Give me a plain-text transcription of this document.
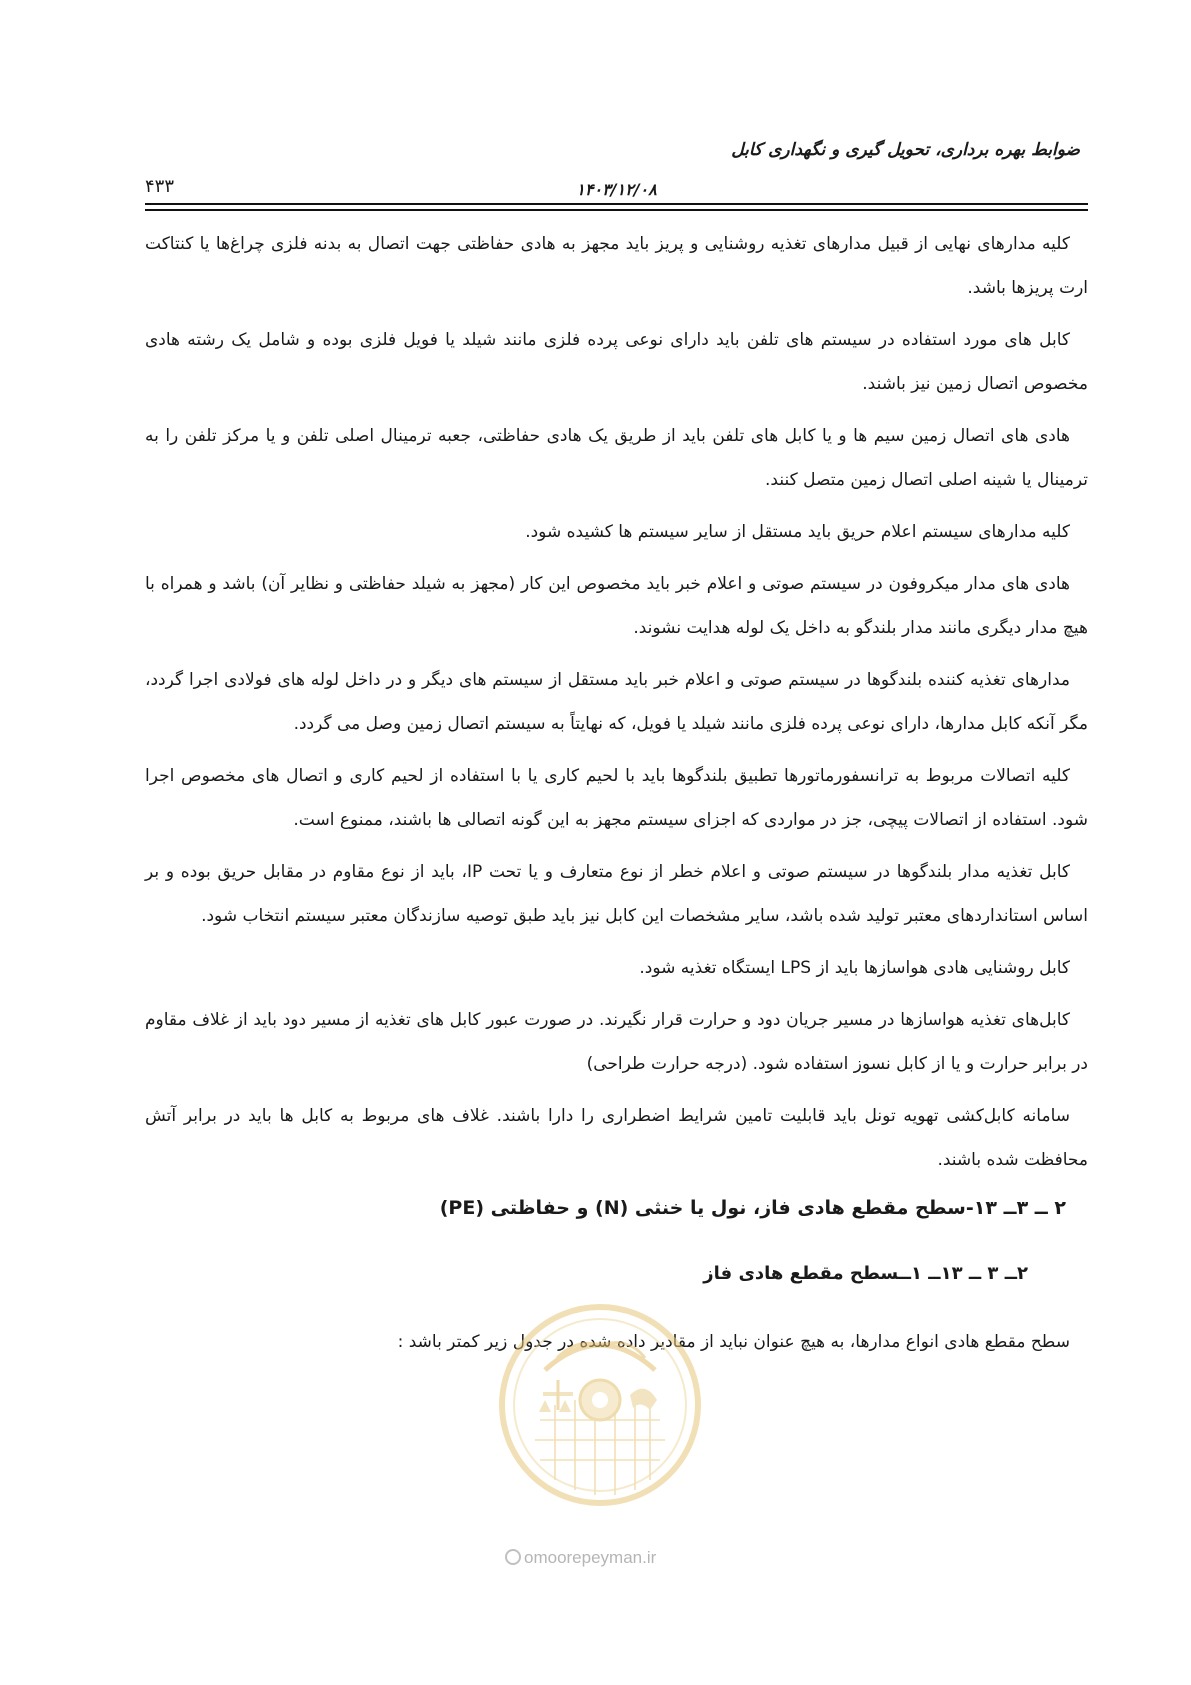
ضوابط بهره برداری، تحویل گیری و نگهداری کابل
۴۳۳	۱۴۰۳/۱۲/۰۸

کلیه مدارهای نهایی از قبیل مدارهای تغذیه روشنایی و پریز باید مجهز به هادی حفاظتی جهت اتصال به بدنه فلزی چراغ‌ها یا کنتاکت ارت پریزها باشد.

کابل های مورد استفاده در سیستم های تلفن باید دارای نوعی پرده فلزی مانند شیلد یا فویل فلزی بوده و شامل یک رشته هادی مخصوص اتصال زمین نیز باشند.

هادی های اتصال زمین سیم ها و یا کابل های تلفن باید از طریق یک هادی حفاظتی، جعبه ترمینال اصلی تلفن و یا مرکز تلفن را به ترمینال یا شینه اصلی اتصال زمین متصل کنند.

کلیه مدارهای سیستم اعلام حریق باید مستقل از سایر سیستم ها کشیده شود.

هادی های مدار میکروفون در سیستم صوتی و اعلام خبر باید مخصوص این کار (مجهز به شیلد حفاظتی و نظایر آن) باشد و همراه با هیچ مدار دیگری مانند مدار بلندگو به داخل یک لوله هدایت نشوند.

مدارهای تغذیه کننده بلندگوها در سیستم صوتی و اعلام خبر باید مستقل از سیستم های دیگر و در داخل لوله های فولادی اجرا گردد، مگر آنکه کابل مدارها، دارای نوعی پرده فلزی مانند شیلد یا فویل، که نهایتاً به سیستم اتصال زمین وصل می گردد.

کلیه اتصالات مربوط به ترانسفورماتورها تطبیق بلندگوها باید با لحیم کاری یا با استفاده از لحیم کاری و اتصال های مخصوص اجرا شود. استفاده از اتصالات پیچی، جز در مواردی که اجزای سیستم مجهز به این گونه اتصالی ها باشند، ممنوع است.

کابل تغذیه مدار بلندگوها در سیستم صوتی و اعلام خطر از نوع متعارف و یا تحت IP، باید از نوع مقاوم در مقابل حریق بوده و بر اساس استانداردهای معتبر تولید شده باشد، سایر مشخصات این کابل نیز باید طبق توصیه سازندگان معتبر سیستم انتخاب شود.

کابل روشنایی هادی هواسازها باید از LPS ایستگاه تغذیه شود.

کابل‌های تغذیه هواسازها در مسیر جریان دود و حرارت قرار نگیرند. در صورت عبور کابل های تغذیه از مسیر دود باید از غلاف مقاوم در برابر حرارت و یا از کابل نسوز استفاده شود. (درجه حرارت طراحی)

سامانه کابل‌کشی تهویه تونل باید قابلیت تامین شرایط اضطراری را دارا باشند. غلاف های مربوط به کابل ها باید در برابر آتش محافظت شده باشند.

۲ ــ ۳ــ ۱۳-سطح مقطع هادی فاز، نول یا خنثی (N) و حفاظتی (PE)
۲ــ ۳ ــ ۱۳ــ ۱ــسطح مقطع هادی فاز

سطح مقطع هادی انواع مدارها، به هیچ عنوان نباید از مقادیر داده شده در جدول زیر کمتر باشد :

omoorepeyman.ir
